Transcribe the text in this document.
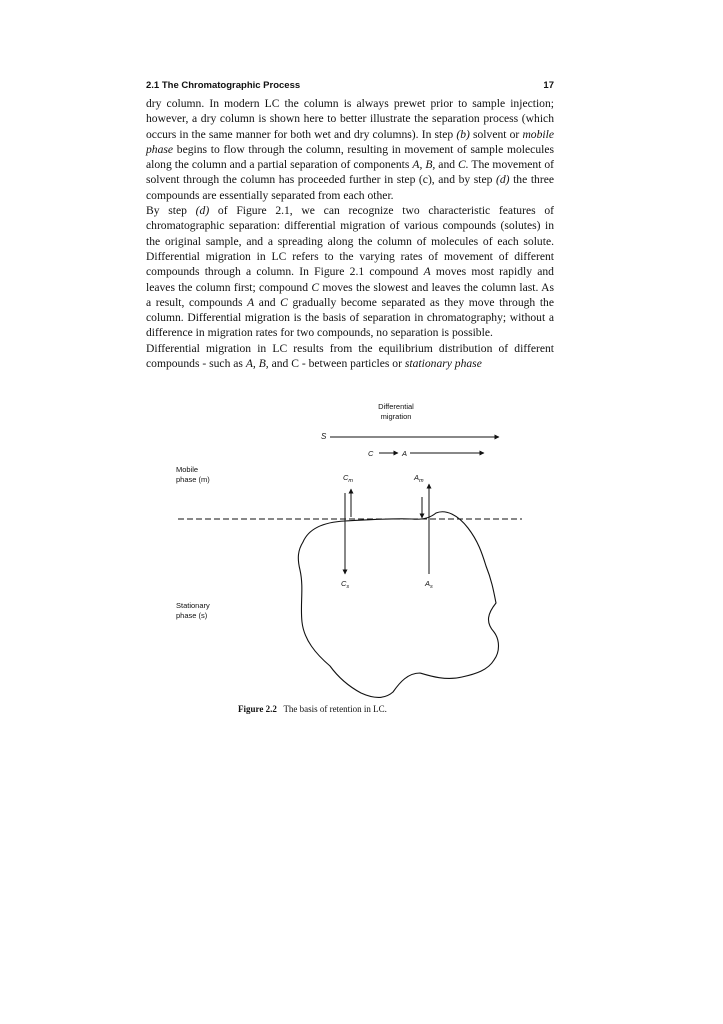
2.1 The Chromatographic Process	17

dry column. In modern LC the column is always prewet prior to sample injection; however, a dry column is shown here to better illustrate the separation process (which occurs in the same manner for both wet and dry columns). In step (b) solvent or mobile phase begins to flow through the column, resulting in movement of sample molecules along the column and a partial separation of components A, B, and C. The movement of solvent through the column has proceeded further in step (c), and by step (d) the three compounds are essentially separated from each other.

By step (d) of Figure 2.1, we can recognize two characteristic features of chromatographic separation: differential migration of various compounds (solutes) in the original sample, and a spreading along the column of molecules of each solute. Differential migration in LC refers to the varying rates of movement of different compounds through a column. In Figure 2.1 compound A moves most rapidly and leaves the column first; compound C moves the slowest and leaves the column last. As a result, compounds A and C gradually become separated as they move through the column. Differential migration is the basis of separation in chromatography; without a difference in migration rates for two compounds, no separation is possible.

Differential migration in LC results from the equilibrium distribution of different compounds - such as A, B, and C - between particles or stationary phase

Differential
migration
S
C	A
Mobile
phase (m)	$C_m$	$A_m$
$C_s$	$A_s$
Stationary
phase (s)
Figure 2.2 The basis of retention in LC.
